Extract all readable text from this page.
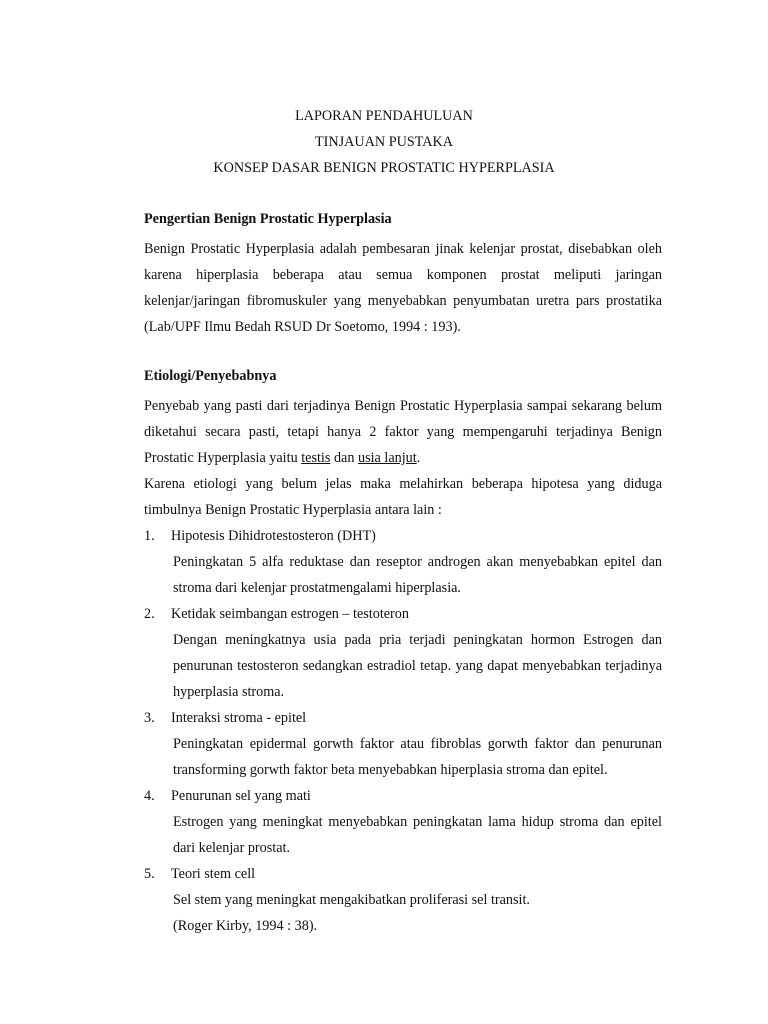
LAPORAN PENDAHULUAN
TINJAUAN PUSTAKA
KONSEP DASAR BENIGN PROSTATIC HYPERPLASIA
Pengertian Benign Prostatic Hyperplasia
Benign Prostatic Hyperplasia adalah pembesaran jinak kelenjar prostat, disebabkan oleh karena hiperplasia beberapa atau semua komponen prostat meliputi jaringan kelenjar/jaringan fibromuskuler yang menyebabkan penyumbatan uretra pars prostatika (Lab/UPF Ilmu Bedah RSUD Dr Soetomo, 1994 : 193).
Etiologi/Penyebabnya
Penyebab yang pasti dari terjadinya Benign Prostatic Hyperplasia sampai sekarang belum diketahui secara pasti, tetapi hanya 2 faktor yang mempengaruhi terjadinya Benign Prostatic Hyperplasia yaitu testis dan usia lanjut.
Karena etiologi yang belum jelas maka melahirkan beberapa hipotesa yang diduga timbulnya Benign Prostatic Hyperplasia antara lain :
1. Hipotesis Dihidrotestosteron (DHT)
Peningkatan 5 alfa reduktase dan reseptor androgen akan menyebabkan epitel dan stroma dari kelenjar prostatmengalami hiperplasia.
2. Ketidak seimbangan estrogen – testoteron
Dengan meningkatnya usia pada pria terjadi peningkatan hormon Estrogen dan penurunan testosteron sedangkan estradiol tetap. yang dapat menyebabkan terjadinya hyperplasia stroma.
3. Interaksi stroma - epitel
Peningkatan epidermal gorwth faktor atau fibroblas gorwth faktor dan penurunan transforming gorwth faktor beta menyebabkan hiperplasia stroma dan epitel.
4. Penurunan sel yang mati
Estrogen yang meningkat menyebabkan peningkatan lama hidup stroma dan epitel dari kelenjar prostat.
5. Teori stem cell
Sel stem yang meningkat mengakibatkan proliferasi sel transit.
(Roger Kirby, 1994 : 38).
